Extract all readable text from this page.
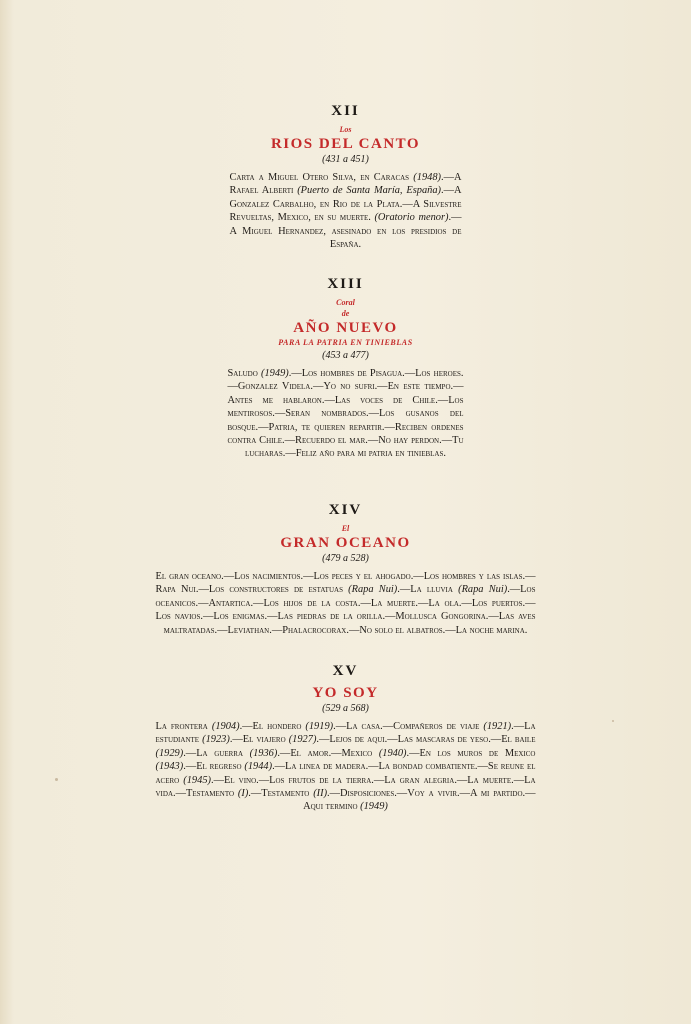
XII
Los
RIOS DEL CANTO
(431 a 451)

Carta a Miguel Otero Silva, en Caracas (1948).—A Rafael Alberti (Puerto de Santa María, España).—A Gonzalez Carbalho, en Rio de la Plata.—A Silvestre Revueltas, Mexico, en su muerte. (Oratorio menor).—A Miguel Hernandez, asesinado en los presidios de España.

XIII
Coral
de
AÑO NUEVO
PARA LA PATRIA EN TINIEBLAS
(453 a 477)

Saludo (1949).—Los hombres de Pisagua.—Los heroes.—Gonzalez Videla.—Yo no sufri.—En este tiempo.—Antes me hablaron.—Las voces de Chile.—Los mentirosos.—Seran nombrados.—Los gusanos del bosque.—Patria, te quieren repartir.—Reciben ordenes contra Chile.—Recuerdo el mar.—No hay perdon.—Tu lucharas.—Feliz año para mi patria en tinieblas.

XIV
El
GRAN OCEANO
(479 a 528)

El gran oceano.—Los nacimientos.—Los peces y el ahogado.—Los hombres y las islas.—Rapa Nui.—Los constructores de estatuas (Rapa Nui).—La lluvia (Rapa Nui).—Los oceanicos.—Antartica.—Los hijos de la costa.—La muerte.—La ola.—Los puertos.—Los navios.—Los enigmas.—Las piedras de la orilla.—Mollusca Gongorina.—Las aves maltratadas.—Leviathan.—Phalacrocorax.—No solo el albatros.—La noche marina.

XV
YO SOY
(529 a 568)

La frontera (1904).—El hondero (1919).—La casa.—Compañeros de viaje (1921).—La estudiante (1923).—El viajero (1927).—Lejos de aqui.—Las mascaras de yeso.—El baile (1929).—La guerra (1936).—El amor.—Mexico (1940).—En los muros de Mexico (1943).—El regreso (1944).—La linea de madera.—La bondad combatiente.—Se reune el acero (1945).—El vino.—Los frutos de la tierra.—La gran alegria.—La muerte.—La vida.—Testamento (I).—Testamento (II).—Disposiciones.—Voy a vivir.—A mi partido.—Aqui termino (1949)
